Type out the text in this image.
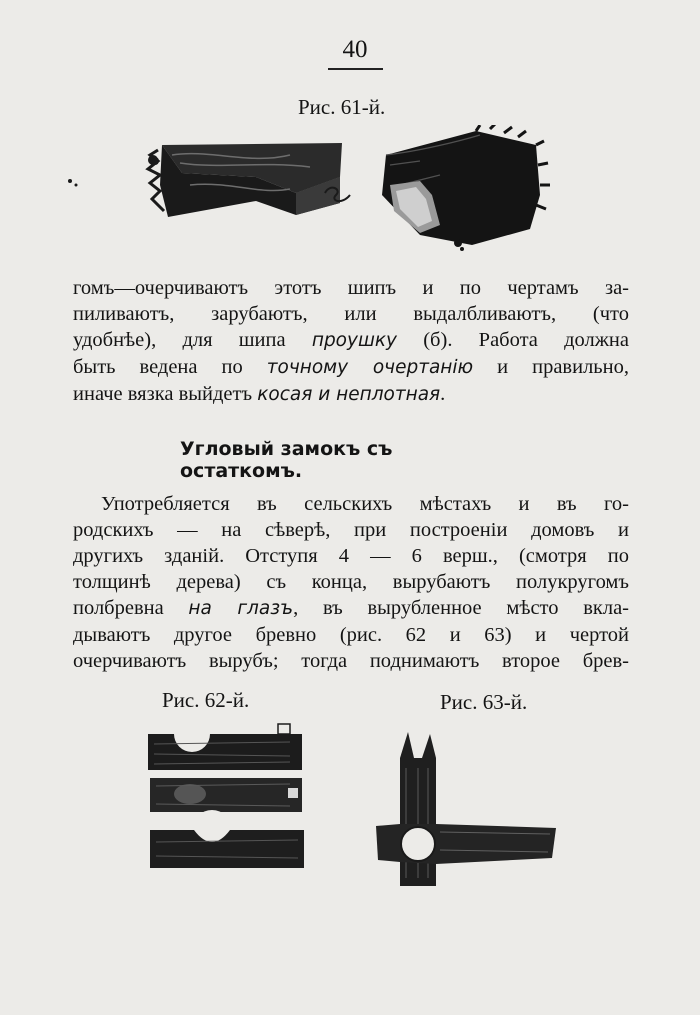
40
Рис. 61-й.
гомъ—очерчиваютъ этотъ шипъ и по чертамъ за-
пиливаютъ, зарубаютъ, или выдалбливаютъ, (что
удобнѣе), для шипа проушку (б). Работа должна
быть ведена по точному очертанію и правильно,
иначе вязка выйдетъ косая и неплотная.
Угловый замокъ съ остаткомъ.
Употребляется въ сельскихъ мѣстахъ и въ го-
родскихъ — на сѣверѣ, при построеніи домовъ и
другихъ зданій. Отступя 4 — 6 верш., (смотря по
толщинѣ дерева) съ конца, вырубаютъ полукругомъ
полбревна на глазъ, въ вырубленное мѣсто вкла-
дываютъ другое бревно (рис. 62 и 63) и чертой
очерчиваютъ вырубъ; тогда поднимаютъ второе брев-
Рис. 62-й.	Рис. 63-й.
